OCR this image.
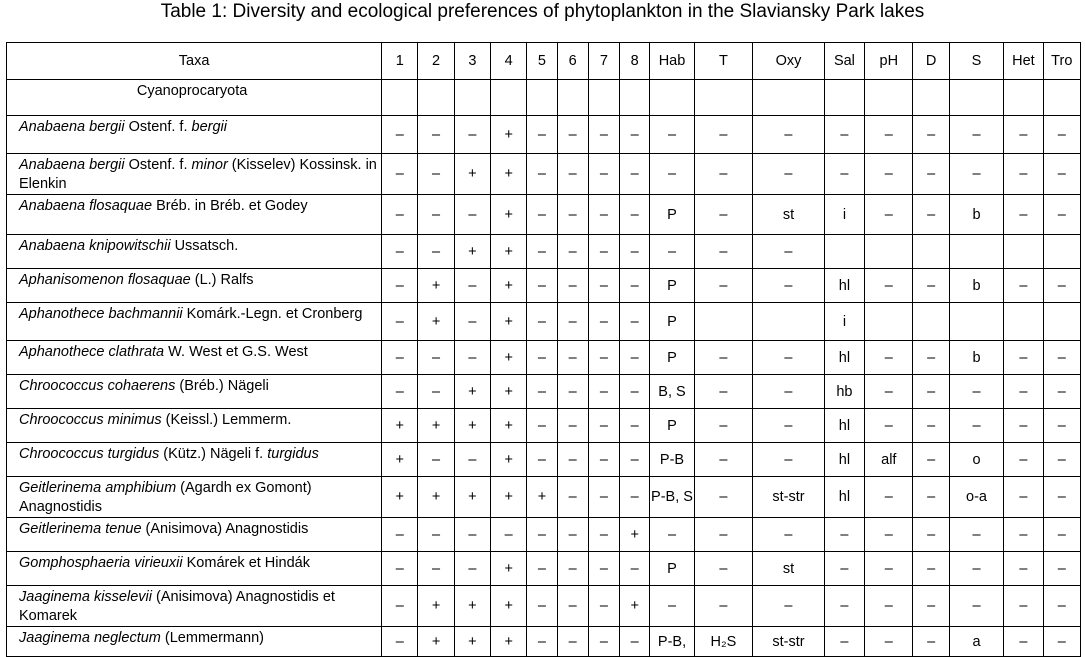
Table 1: Diversity and ecological preferences of phytoplankton in the Slaviansky Park lakes
Taxa	1	2	3	4	5	6	7	8	Hab	T	Oxy	Sal	pH	D	S	Het	Tro
Cyanoprocaryota																	
Anabaena bergii Ostenf. f. bergii	–	–	–	+	–	–	–	–	–	–	–	–	–	–	–	–	–
Anabaena bergii Ostenf. f. minor (Kisselev) Kossinsk. in Elenkin	–	–	+	+	–	–	–	–	–	–	–	–	–	–	–	–	–
Anabaena flosaquae Bréb. in Bréb. et Godey	–	–	–	+	–	–	–	–	P	–	st	i	–	–	b	–	–
Anabaena knipowitschii Ussatsch.	–	–	+	+	–	–	–	–	–	–	–						
Aphanisomenon flosaquae (L.) Ralfs	–	+	–	+	–	–	–	–	P	–	–	hl	–	–	b	–	–
Aphanothece bachmannii Komárk.-Legn. et Cronberg	–	+	–	+	–	–	–	–	P			i					
Aphanothece clathrata W. West et G.S. West	–	–	–	+	–	–	–	–	P	–	–	hl	–	–	b	–	–
Chroococcus cohaerens (Bréb.) Nägeli	–	–	+	+	–	–	–	–	B, S	–	–	hb	–	–	–	–	–
Chroococcus minimus (Keissl.) Lemmerm.	+	+	+	+	–	–	–	–	P	–	–	hl	–	–	–	–	–
Chroococcus turgidus (Kütz.) Nägeli f. turgidus	+	–	–	+	–	–	–	–	P-B	–	–	hl	alf	–	o	–	–
Geitlerinema amphibium (Agardh ex Gomont) Anagnostidis	+	+	+	+	+	–	–	–	P-B, S	–	st-str	hl	–	–	o-a	–	–
Geitlerinema tenue (Anisimova) Anagnostidis	–	–	–	–	–	–	–	+	–	–	–	–	–	–	–	–	–
Gomphosphaeria virieuxii Komárek et Hindák	–	–	–	+	–	–	–	–	P	–	st	–	–	–	–	–	–
Jaaginema kisselevii (Anisimova) Anagnostidis et Komarek	–	+	+	+	–	–	–	+	–	–	–	–	–	–	–	–	–
Jaaginema neglectum (Lemmermann)	–	+	+	+	–	–	–	–	P-B,	H₂S	st-str	–	–	–	a	–	–
